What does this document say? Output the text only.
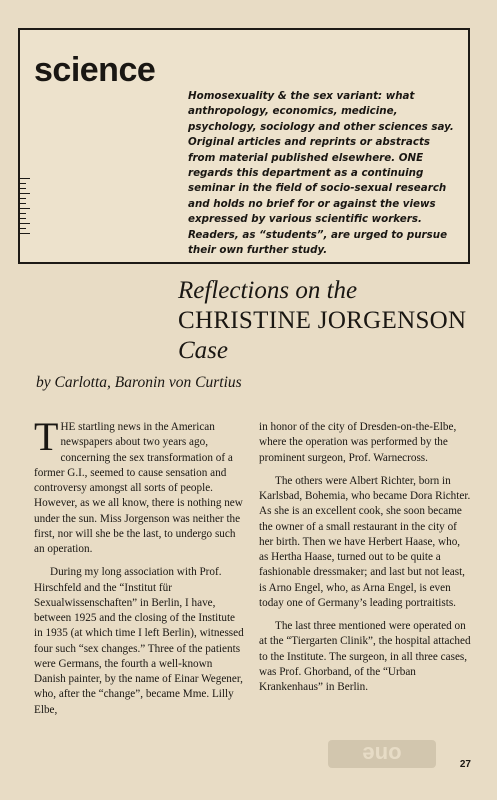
science

Homosexuality & the sex variant: what anthropology, economics, medicine, psychology, sociology and other sciences say. Original articles and reprints or abstracts from material published elsewhere. ONE regards this department as a continuing seminar in the field of socio-sexual research and holds no brief for or against the views expressed by various scientific workers. Readers, as “students”, are urged to pursue their own further study.

Reflections on the
CHRISTINE JORGENSON
Case

by Carlotta, Baronin von Curtius

THE startling news in the American newspapers about two years ago, concerning the sex transformation of a former G.I., seemed to cause sensation and controversy amongst all sorts of people. However, as we all know, there is nothing new under the sun. Miss Jorgenson was neither the first, nor will she be the last, to undergo such an operation.

During my long association with Prof. Hirschfeld and the “Institut für Sexualwissenschaften” in Berlin, I have, between 1925 and the closing of the Institute in 1935 (at which time I left Berlin), witnessed four such “sex changes.” Three of the patients were Germans, the fourth a well-known Danish painter, by the name of Einar Wegener, who, after the “change”, became Mme. Lilly Elbe,

in honor of the city of Dresden-on-the-Elbe, where the operation was performed by the prominent surgeon, Prof. Warnecross.

The others were Albert Richter, born in Karlsbad, Bohemia, who became Dora Richter. As she is an excellent cook, she soon became the owner of a small restaurant in the city of her birth. Then we have Herbert Haase, who, as Hertha Haase, turned out to be quite a fashionable dressmaker; and last but not least, is Arno Engel, who, as Arna Engel, is even today one of Germany’s leading portraitists.

The last three mentioned were operated on at the “Tiergarten Clinik”, the hospital attached to the Institute. The surgeon, in all three cases, was Prof. Ghorband, of the “Urban Krankenhaus” in Berlin.

one	27
